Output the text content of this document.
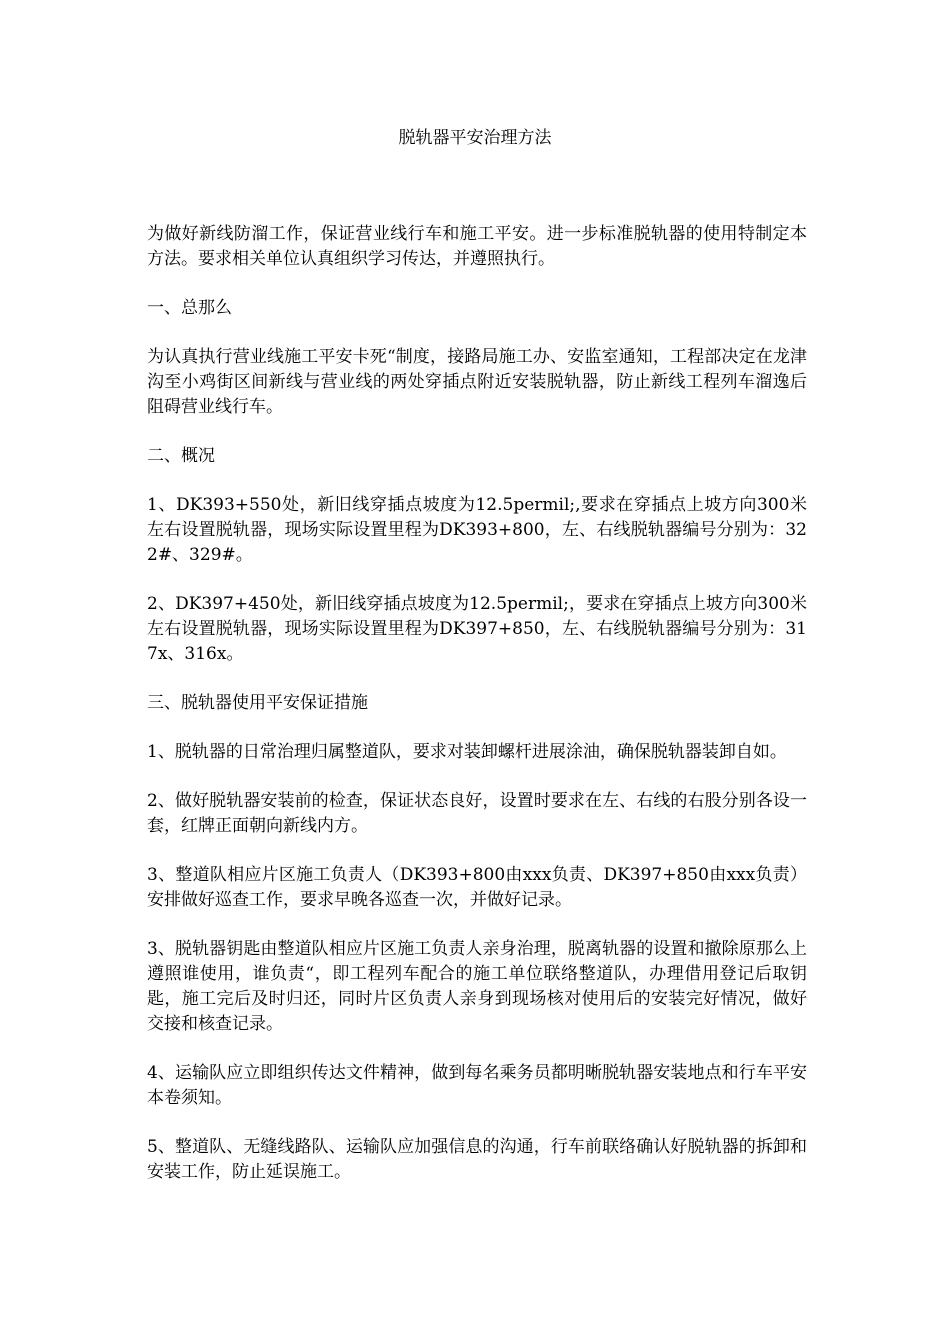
脱轨器平安治理方法

为做好新线防溜工作，保证营业线行车和施工平安。进一步标准脱轨器的使用特制定本方法。要求相关单位认真组织学习传达，并遵照执行。

一、总那么

为认真执行营业线施工平安卡死“制度，接路局施工办、安监室通知，工程部决定在龙津沟至小鸡街区间新线与营业线的两处穿插点附近安装脱轨器，防止新线工程列车溜逸后阻碍营业线行车。

二、概况

1、DK393+550处，新旧线穿插点坡度为12.5permil;,要求在穿插点上坡方向300米左右设置脱轨器，现场实际设置里程为DK393+800，左、右线脱轨器编号分别为：322#、329#。

2、DK397+450处，新旧线穿插点坡度为12.5permil;，要求在穿插点上坡方向300米左右设置脱轨器，现场实际设置里程为DK397+850，左、右线脱轨器编号分别为：317x、316x。

三、脱轨器使用平安保证措施

1、脱轨器的日常治理归属整道队，要求对装卸螺杆进展涂油，确保脱轨器装卸自如。

2、做好脱轨器安装前的检查，保证状态良好，设置时要求在左、右线的右股分别各设一套，红牌正面朝向新线内方。

3、整道队相应片区施工负责人（DK393+800由xxx负责、DK397+850由xxx负责）安排做好巡查工作，要求早晚各巡查一次，并做好记录。

3、脱轨器钥匙由整道队相应片区施工负责人亲身治理，脱离轨器的设置和撤除原那么上遵照谁使用，谁负责“，即工程列车配合的施工单位联络整道队，办理借用登记后取钥匙，施工完后及时归还，同时片区负责人亲身到现场核对使用后的安装完好情况，做好交接和核查记录。

4、运输队应立即组织传达文件精神，做到每名乘务员都明晰脱轨器安装地点和行车平安本卷须知。

5、整道队、无缝线路队、运输队应加强信息的沟通，行车前联络确认好脱轨器的拆卸和安装工作，防止延误施工。
